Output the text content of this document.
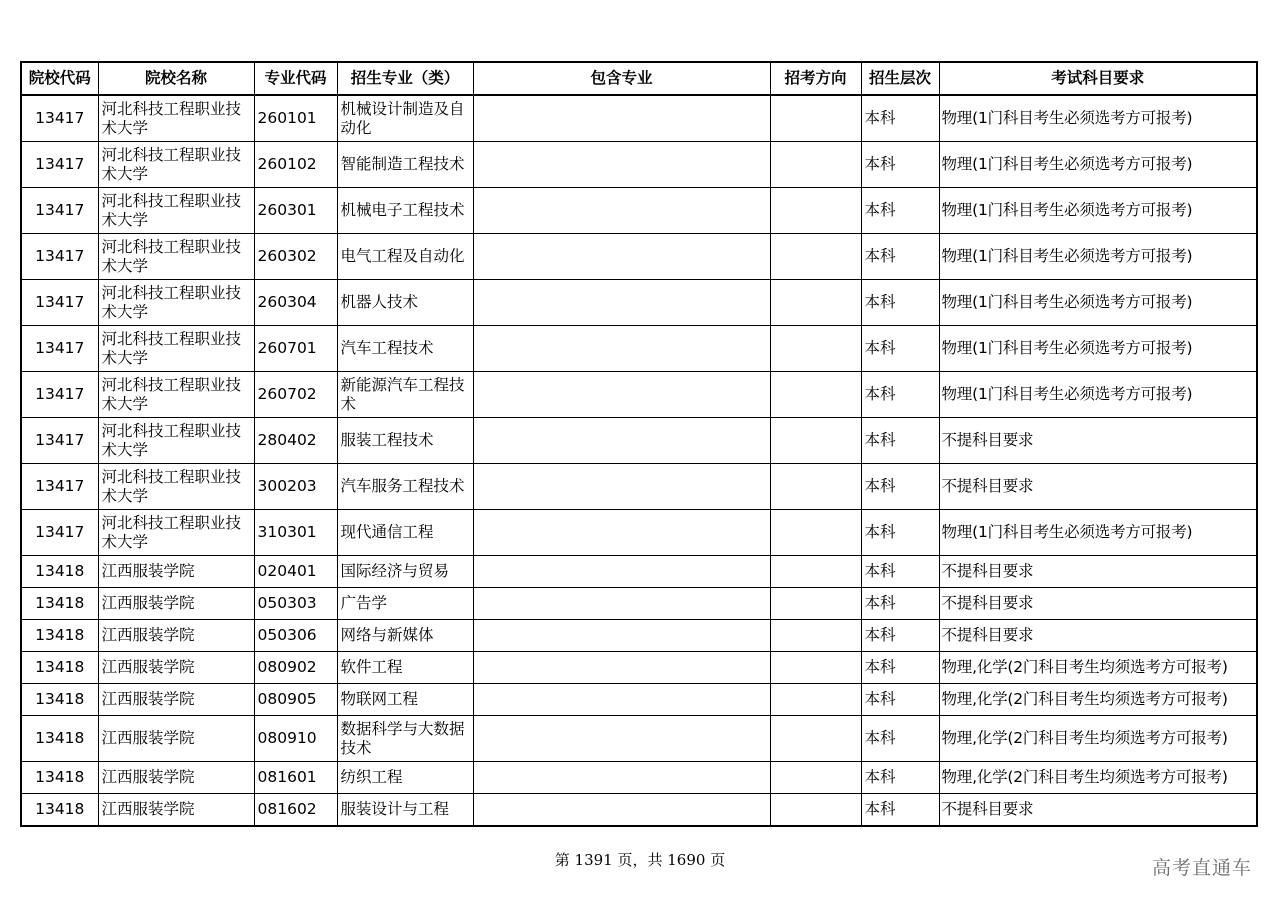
院校代码	院校名称	专业代码	招生专业（类）	包含专业	招考方向	招生层次	考试科目要求
13417	河北科技工程职业技术大学	260101	机械设计制造及自动化			本科	物理(1门科目考生必须选考方可报考)
13417	河北科技工程职业技术大学	260102	智能制造工程技术			本科	物理(1门科目考生必须选考方可报考)
13417	河北科技工程职业技术大学	260301	机械电子工程技术			本科	物理(1门科目考生必须选考方可报考)
13417	河北科技工程职业技术大学	260302	电气工程及自动化			本科	物理(1门科目考生必须选考方可报考)
13417	河北科技工程职业技术大学	260304	机器人技术			本科	物理(1门科目考生必须选考方可报考)
13417	河北科技工程职业技术大学	260701	汽车工程技术			本科	物理(1门科目考生必须选考方可报考)
13417	河北科技工程职业技术大学	260702	新能源汽车工程技术			本科	物理(1门科目考生必须选考方可报考)
13417	河北科技工程职业技术大学	280402	服装工程技术			本科	不提科目要求
13417	河北科技工程职业技术大学	300203	汽车服务工程技术			本科	不提科目要求
13417	河北科技工程职业技术大学	310301	现代通信工程			本科	物理(1门科目考生必须选考方可报考)
13418	江西服装学院	020401	国际经济与贸易			本科	不提科目要求
13418	江西服装学院	050303	广告学			本科	不提科目要求
13418	江西服装学院	050306	网络与新媒体			本科	不提科目要求
13418	江西服装学院	080902	软件工程			本科	物理,化学(2门科目考生均须选考方可报考)
13418	江西服装学院	080905	物联网工程			本科	物理,化学(2门科目考生均须选考方可报考)
13418	江西服装学院	080910	数据科学与大数据技术			本科	物理,化学(2门科目考生均须选考方可报考)
13418	江西服装学院	081601	纺织工程			本科	物理,化学(2门科目考生均须选考方可报考)
13418	江西服装学院	081602	服装设计与工程			本科	不提科目要求
第 1391 页，共 1690 页	高考直通车
